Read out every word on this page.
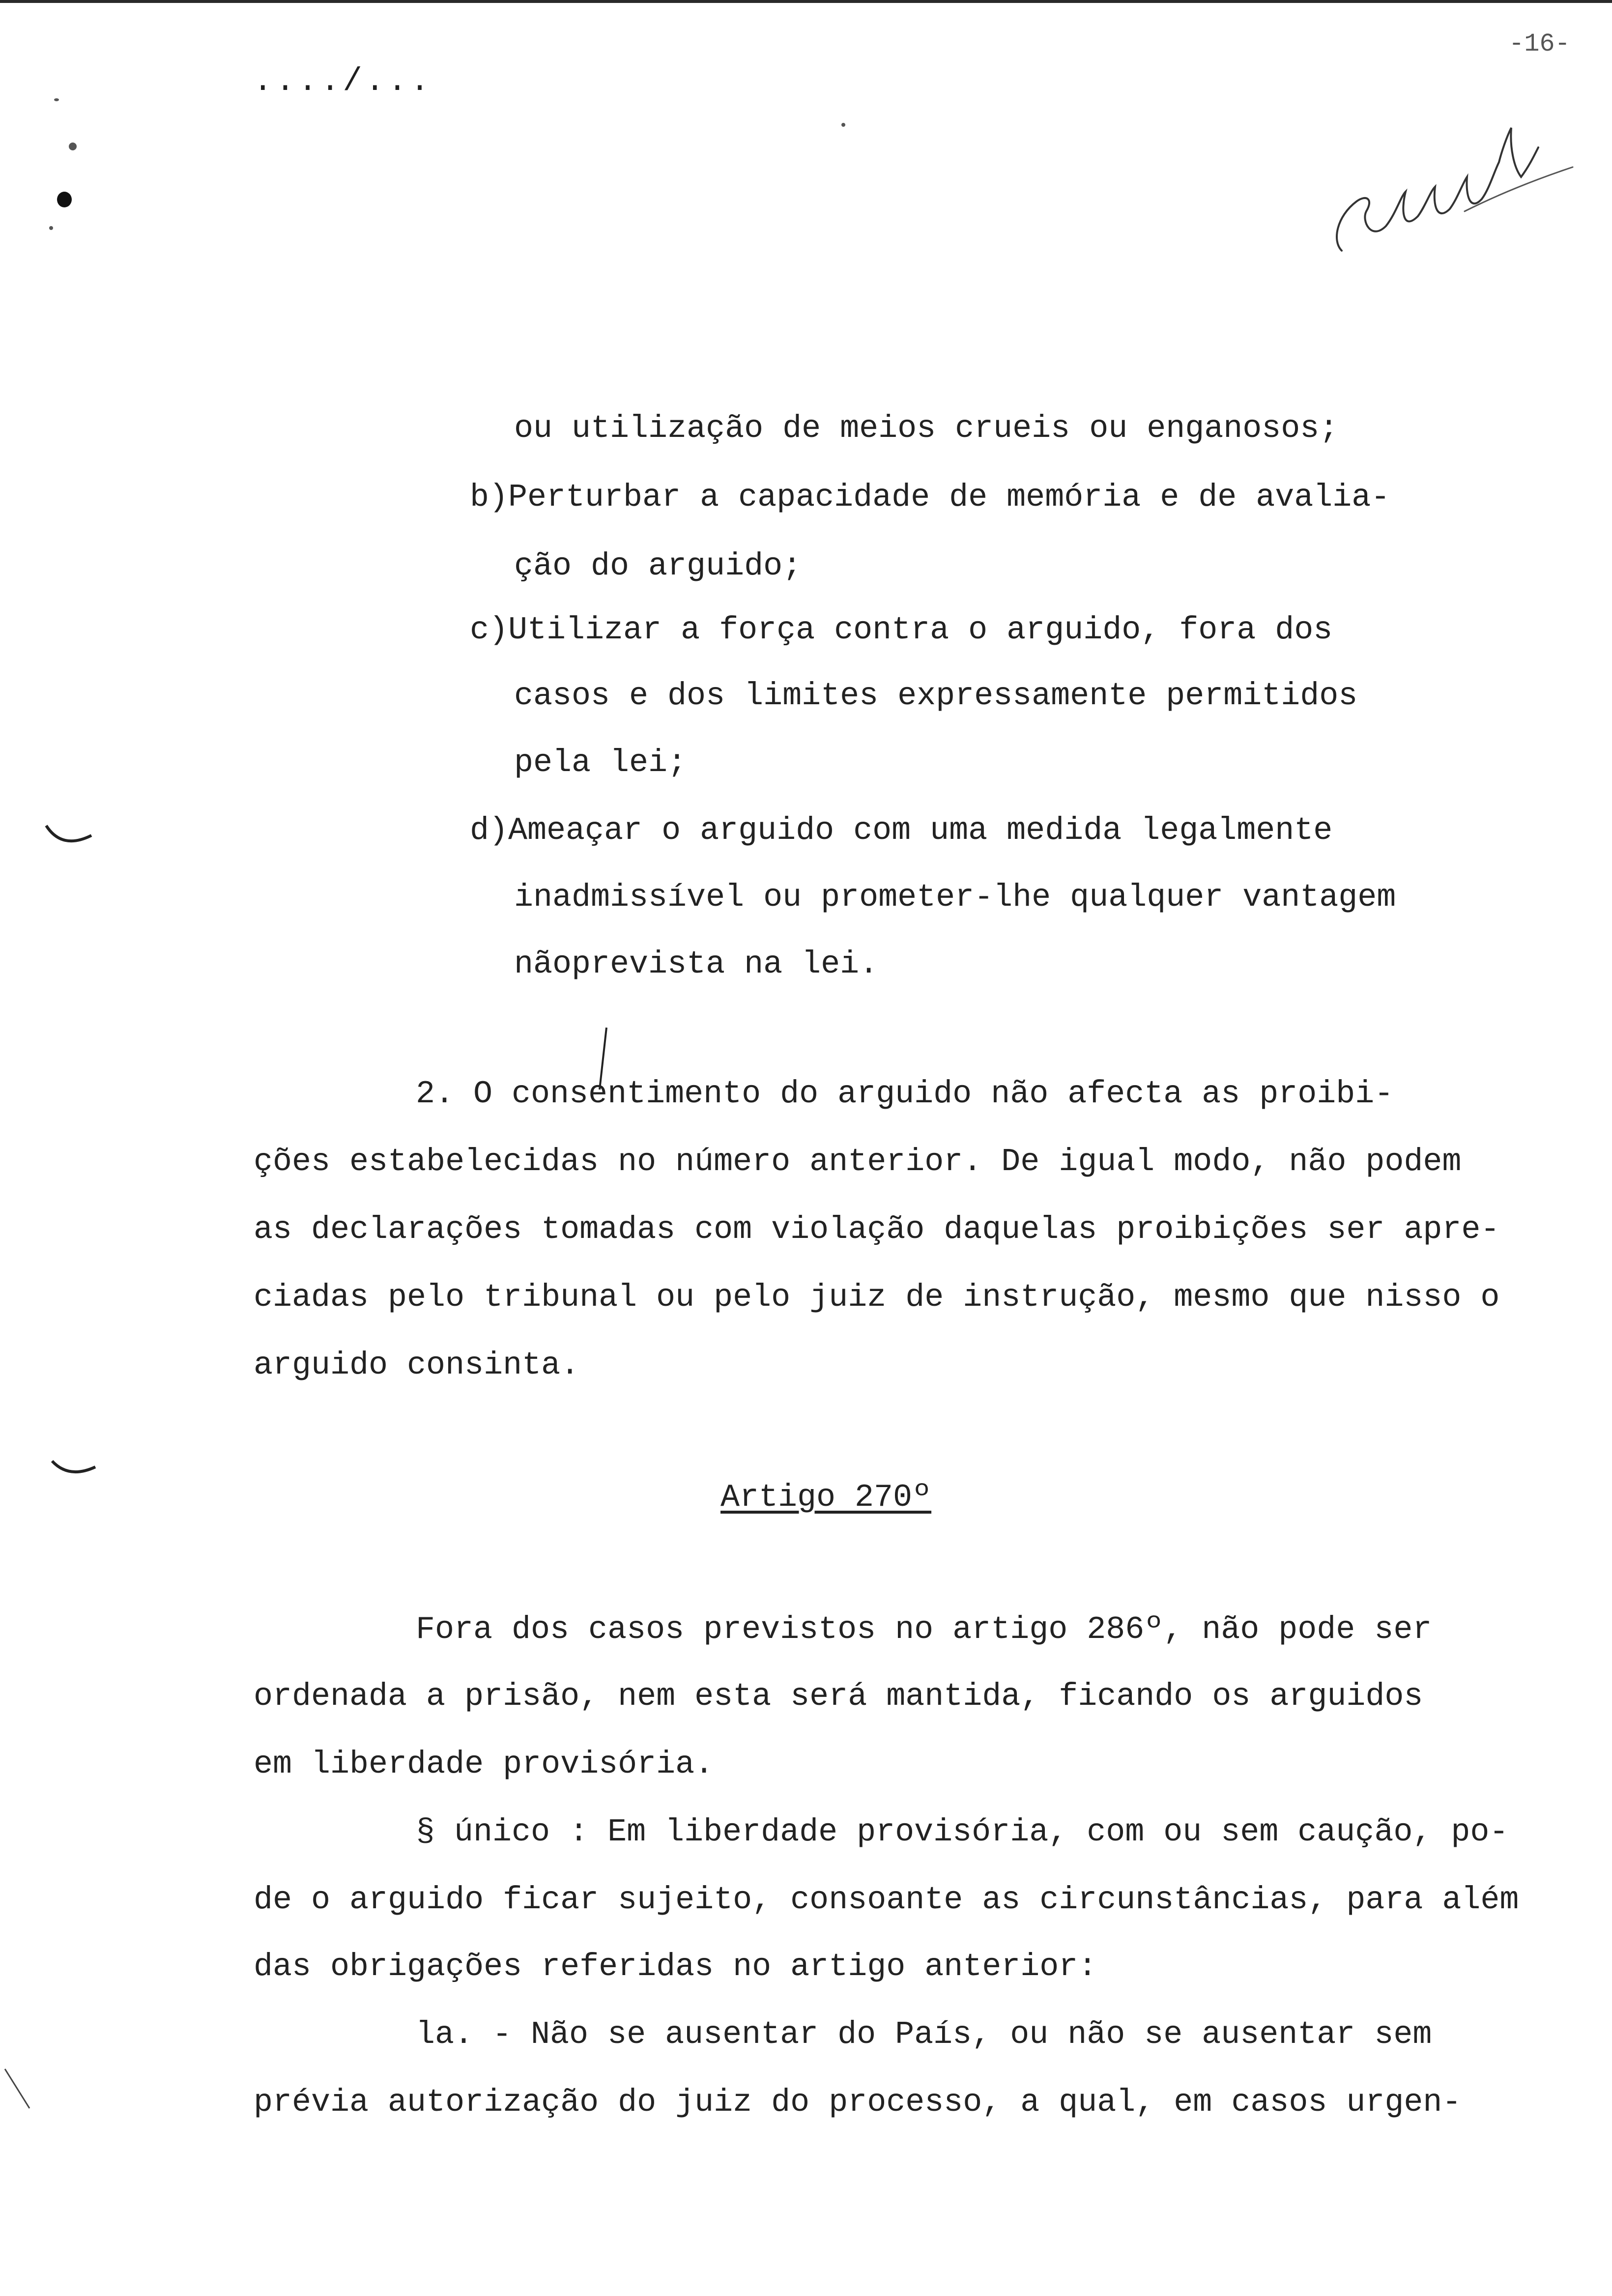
..../...
-16-
ou utilização de meios crueis ou enganosos;
b)Perturbar a capacidade de memória e de avalia-
ção do arguido;
c)Utilizar a força contra o arguido, fora dos
casos e dos limites expressamente permitidos
pela lei;
d)Ameaçar o arguido com uma medida legalmente
inadmissível ou prometer-lhe qualquer vantagem
nãoprevista na lei.
2. O consentimento do arguido não afecta as proibi-
ções estabelecidas no número anterior. De igual modo, não podem
as declarações tomadas com violação daquelas proibições ser apre-
ciadas pelo tribunal ou pelo juiz de instrução, mesmo que nisso o
arguido consinta.
Artigo 270º
Fora dos casos previstos no artigo 286º, não pode ser
ordenada a prisão, nem esta será mantida, ficando os arguidos
em liberdade provisória.
§ único : Em liberdade provisória, com ou sem caução, po-
de o arguido ficar sujeito, consoante as circunstâncias, para além
das obrigações referidas no artigo anterior:
la. - Não se ausentar do País, ou não se ausentar sem
prévia autorização do juiz do processo, a qual, em casos urgen-
